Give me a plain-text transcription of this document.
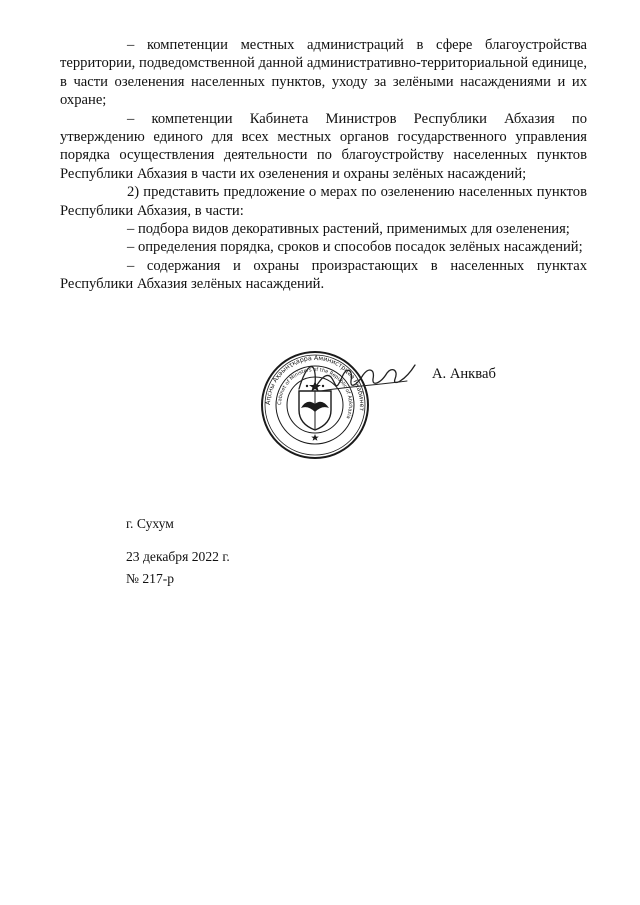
– компетенции местных администраций в сфере благоустройства территории, подведомственной данной административно-территориальной единице, в части озеленения населенных пунктов, уходу за зелёными насаждениями и их охране;

– компетенции Кабинета Министров Республики Абхазия по утверждению единого для всех местных органов государственного управления порядка осуществления деятельности по благоустройству населенных пунктов Республики Абхазия в части их озеленения и охраны зелёных насаждений;

2) представить предложение о мерах по озеленению населенных пунктов Республики Абхазия, в части:

– подбора видов декоративных растений, применимых для озеленения;

– определения порядка, сроков и способов посадок зелёных насаждений;

– содержания и охраны произрастающих в населенных пунктах Республики Абхазия зелёных насаждений.

Аԥсны Аҳәынҭқарра Аминистрцәа Ркабинет
Cabinet of Ministers of the Republic of Abkhazia
А. Анкваб
г. Сухум
23 декабря 2022 г.
№ 217-р
